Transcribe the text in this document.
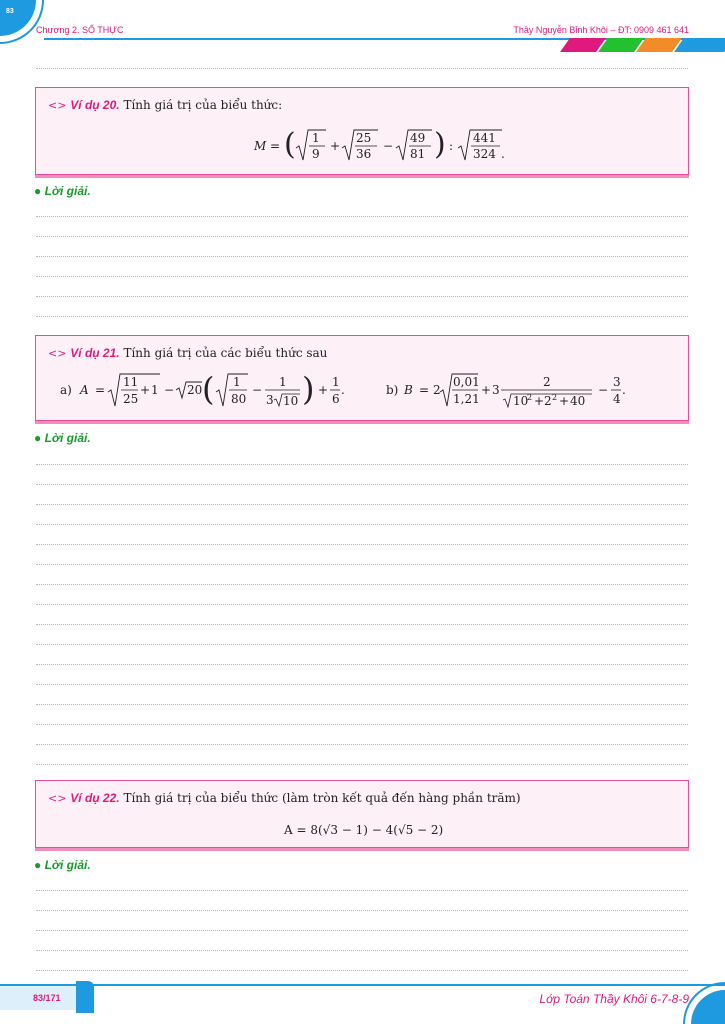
83
Chương 2. SỐ THỰC	Thầy Nguyễn Bỉnh Khôi – ĐT: 0909 461 641
<> Ví dụ 20. Tính giá trị của biểu thức:
M = ( 1
9
+
25
36
−
49
81 ) :
441
324 .
● Lời giải.
<> Ví dụ 21. Tính giá trị của các biểu thức sau
a) A =
11
25
+ 1 − 20 ( 1
80
−
1
3 10 ) +
1
6
.	b) B = 2
0,01
1,21
+ 3
2
10
2 + 2 2 + 40
−
3
4
.
● Lời giải.
<> Ví dụ 22. Tính giá trị của biểu thức (làm tròn kết quả đến hàng phần trăm)
A = 8(√3 − 1) − 4(√5 − 2)
● Lời giải.
83/171	Lớp Toán Thầy Khôi 6-7-8-9
